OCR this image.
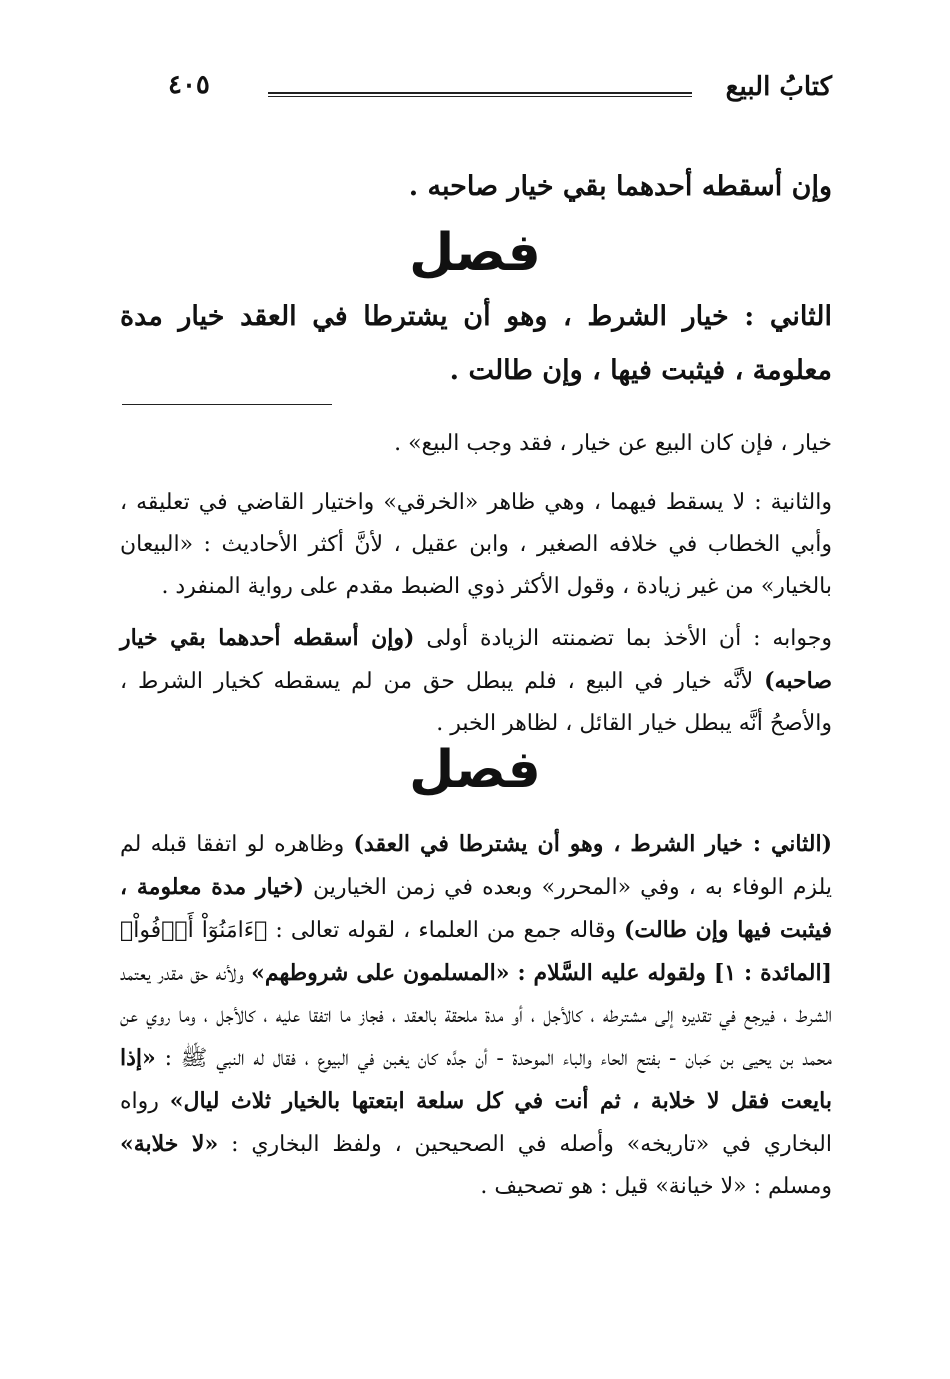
كتابُ البيع
٤٠٥
وإن أسقطه أحدهما بقي خيار صاحبه .
فصل
الثاني : خيار الشرط ، وهو أن يشترطا في العقد خيار مدة معلومة ، فيثبت فيها ، وإن طالت .

خيار ، فإن كان البيع عن خيار ، فقد وجب البيع» .

والثانية : لا يسقط فيهما ، وهي ظاهر «الخرقي» واختيار القاضي في تعليقه ، وأبي الخطاب في خلافه الصغير ، وابن عقيل ، لأنَّ أكثر الأحاديث : «البيعان بالخيار» من غير زيادة ، وقول الأكثر ذوي الضبط مقدم على رواية المنفرد .

وجوابه : أن الأخذ بما تضمنته الزيادة أولى (وإن أسقطه أحدهما بقي خيار صاحبه) لأنَّه خيار في البيع ، فلم يبطل حق من لم يسقطه كخيار الشرط ، والأصحُ أنَّه يبطل خيار القائل ، لظاهر الخبر .

فصل

(الثاني : خيار الشرط ، وهو أن يشترطا في العقد) وظاهره لو اتفقا قبله لم يلزم الوفاء به ، وفي «المحرر» وبعده في زمن الخيارين (خيار مدة معلومة ، فيثبت فيها وإن طالت) وقاله جمع من العلماء ، لقوله تعالى : ﴿ءَامَنُوٓاْ أَوۡفُواْ﴾ [المائدة : ١] ولقوله عليه السَّلام : «المسلمون على شروطهم» ولأنه حق مقدر يعتمد الشرط ، فيرجع في تقديره إلى مشترطه ، كالأجل ، أو مدة ملحقة بالعقد ، فجاز ما اتفقا عليه ، كالأجل ، وما روي عن محمد بن يحيى بن حَبان - بفتح الحاء والباء الموحدة - أن جدَّه كان يغبن في البيوع ، فقال له النبي ﷺ : «إذا بايعت فقل لا خلابة ، ثم أنت في كل سلعة ابتعتها بالخيار ثلاث ليال» رواه البخاري في «تاريخه» وأصله في الصحيحين ، ولفظ البخاري : «لا خلابة» ومسلم : «لا خيانة» قيل : هو تصحيف .
